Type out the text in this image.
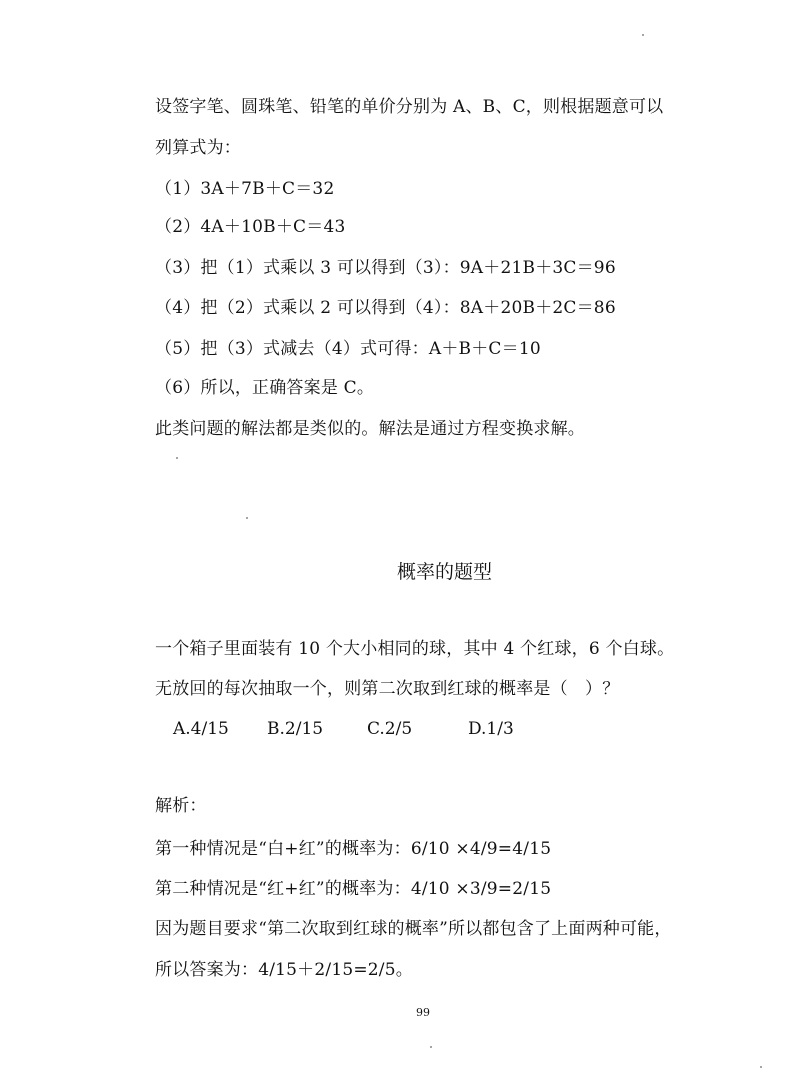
设签字笔、圆珠笔、铅笔的单价分别为 A、B、C，则根据题意可以
列算式为：
（1）3A＋7B＋C＝32
（2）4A＋10B＋C＝43
（3）把（1）式乘以 3 可以得到（3）：9A＋21B＋3C＝96
（4）把（2）式乘以 2 可以得到（4）：8A＋20B＋2C＝86
（5）把（3）式减去（4）式可得：A＋B＋C＝10
（6）所以，正确答案是 C。
此类问题的解法都是类似的。解法是通过方程变换求解。
概率的题型
一个箱子里面装有 10 个大小相同的球，其中 4 个红球，6 个白球。
无放回的每次抽取一个，则第二次取到红球的概率是（　）？
A.4/15 B.2/15	C.2/5	D.1/3
解析：
第一种情况是“白+红”的概率为：6/10 ×4/9=4/15
第二种情况是“红+红”的概率为：4/10 ×3/9=2/15
因为题目要求“第二次取到红球的概率”所以都包含了上面两种可能，
所以答案为：4/15＋2/15=2/5。
99
